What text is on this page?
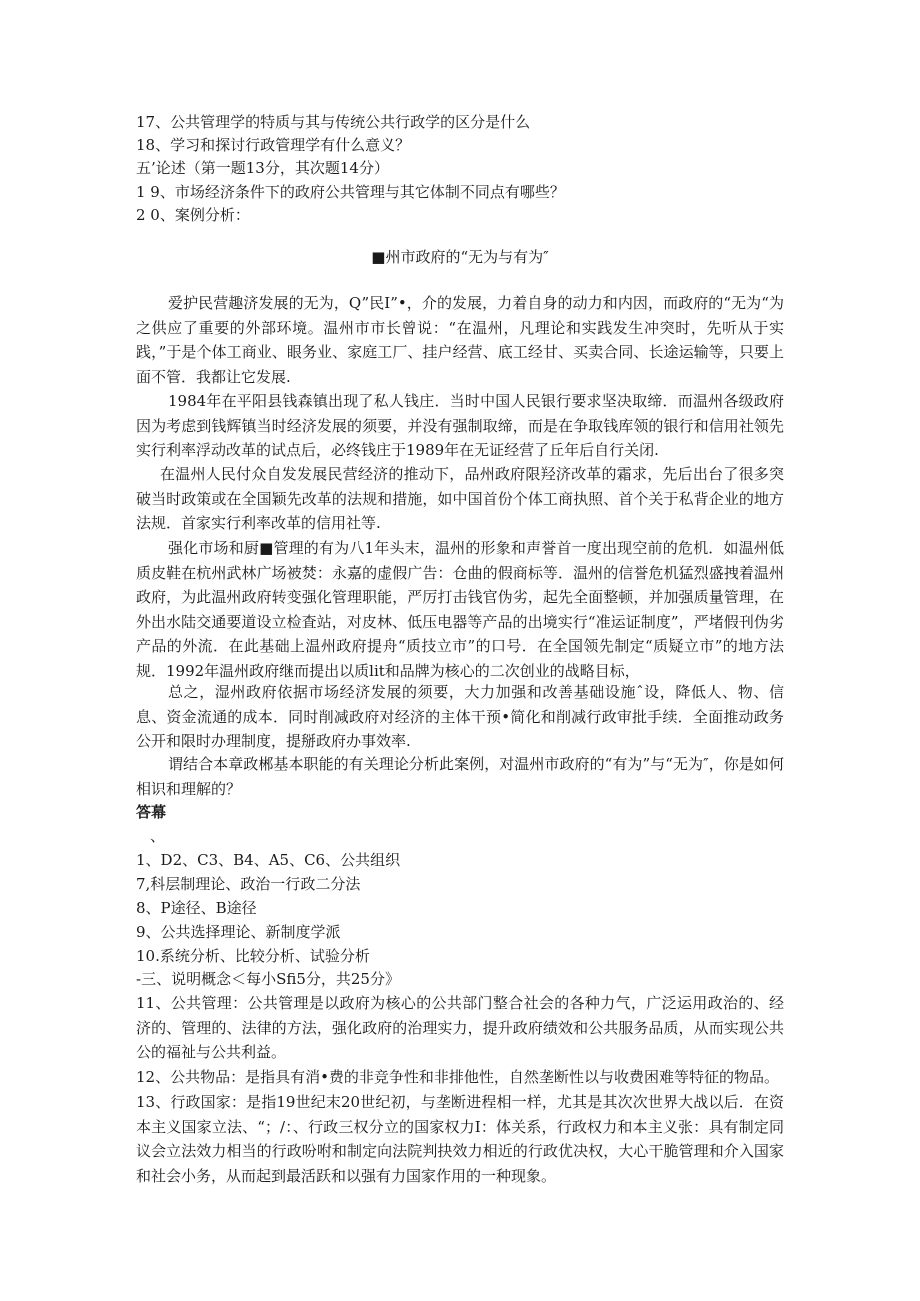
17、公共管理学的特质与其与传统公共行政学的区分是什么
18、学习和探讨行政管理学有什么意义？
五’论述（第一题13分，其次题14分）
1 9、市场经济条件下的政府公共管理与其它体制不同点有哪些？
2 0、案例分析：
■州市政府的“无为与有为″
爱护民营趣济发展的无为，Q”民I”•，介的发展，力着自身的动力和内因，而政府的“无为“为之供应了重要的外部环境。温州市市长曾说：“在温州，凡理论和实践发生冲突时，先听从于实践，”于是个体工商业、眼务业、家庭工厂、挂户经营、底工经甘、买卖合同、长途运输等，只要上面不管．我都让它发展.
1984年在平阳县钱森镇出现了私人钱庄．当时中国人民银行要求坚决取缔．而温州各级政府因为考虑到钱辉镇当时经济发展的须要，并没有强制取缔，而是在争取钱库领的银行和信用社领先实行利率浮动改革的试点后，必终钱庄于1989年在无证经营了丘年后自行关闭.
在温州人民付众自发发展民营经济的推动下，品州政府限羟济改革的霜求，先后出台了很多突破当时政策或在全国颖先改革的法规和措施，如中国首份个体工商执照、首个关于私背企业的地方法规．首家实行利率改革的信用社等.
强化市场和厨■管理的有为八1年头末，温州的形象和声誉首一度出现空前的危机．如温州低质皮鞋在杭州武林广场被焚：永嘉的虚假广告：仓曲的假商标等．温州的信誉危机猛烈盛拽着温州政府，为此温州政府转变强化管理职能，严厉打击钱官伪劣，起先全面整顿，并加强质量管理，在外出水陆交通要道设立检査站，对皮林、低压电器等产品的出境实行“准运证制度”，严堵假刊伪劣产品的外流．在此基础上温州政府提舟“质技立市”的口号．在全国领先制定“质疑立市”的地方法规．1992年温州政府继而提出以质lit和品牌为核心的二次创业的战略目标，
总之，湿州政府依据市场经济发展的须要，大力加强和改善基础设施ˆ设，降低人、物、信息、资金流通的成本．同时削减政府对经济的主体干预•简化和削减行政审批手续．全面推动政务公开和限时办理制度，提掰政府办事效率.
谓结合本章政郴基本职能的有关理论分析此案例，对温州市政府的“有为”与“无为″，你是如何相识和理解的？
答幕
、
1、D2、C3、B4、A5、C6、公共组织
7,科层制理论、政治一行政二分法
8、P途径、B途径
9、公共选择理论、新制度学派
10.系统分析、比较分析、试验分析
-三、说明概念＜每小Sfi5分，共25分》
11、公共管理：公共管理是以政府为核心的公共部门整合社会的各种力气，广泛运用政治的、经济的、管理的、法律的方法，强化政府的治理实力，提升政府绩效和公共服务品质，从而实现公共公的福祉与公共利益。
12、公共物品：是指具有消•费的非竞争性和非排他性，自然垄断性以与收费困难等特征的物品。
13、行政国家：是指19世纪末20世纪初，与垄断进程相一样，尤其是其次次世界大战以后．在资本主义国家立法、“；/：、行政三权分立的国家权力I：体关系，行政权力和本主义张：具有制定同议会立法效力相当的行政吩咐和制定向法院判抉效力相近的行政优决权，大心干脆管理和介入国家和社会小务，从而起到最活跃和以强有力国家作用的一种现象。
